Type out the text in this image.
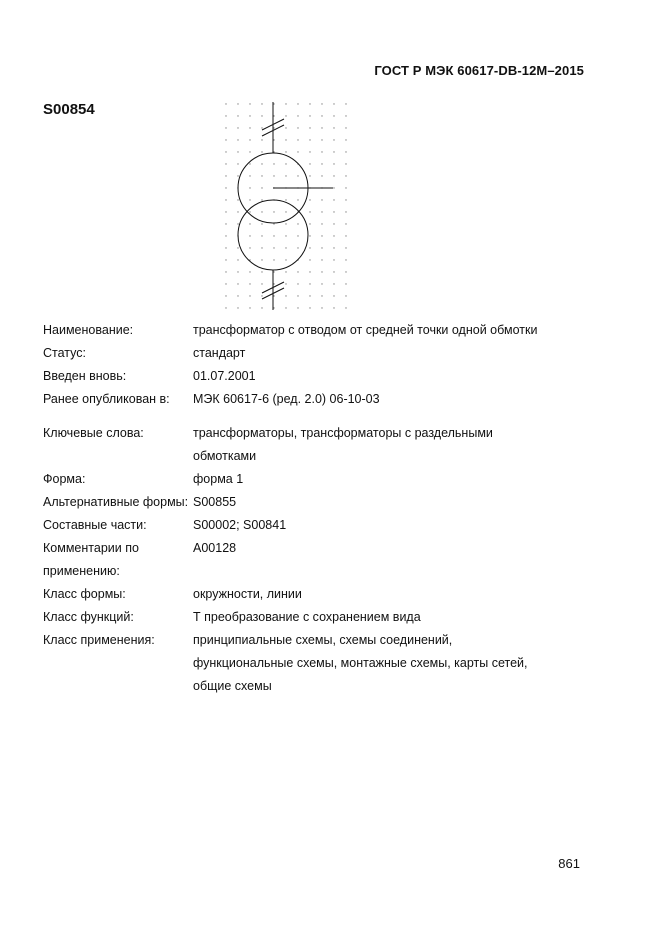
ГОСТ Р МЭК 60617-DB-12M–2015
S00854
Наименование:	трансформатор с отводом от средней точки одной обмотки
Статус:	стандарт
Введен вновь:	01.07.2001
Ранее опубликован в:	МЭК 60617-6 (ред. 2.0) 06-10-03
Ключевые слова:	трансформаторы, трансформаторы с раздельными обмотками
Форма:	форма 1
Альтернативные формы: S00855
Составные части:	S00002; S00841
Комментарии по применению:
A00128
Класс формы:	окружности, линии
Класс функций:	Т преобразование с сохранением вида
Класс применения:	принципиальные схемы, схемы соединений, функциональные схемы, монтажные схемы, карты сетей, общие схемы
861
